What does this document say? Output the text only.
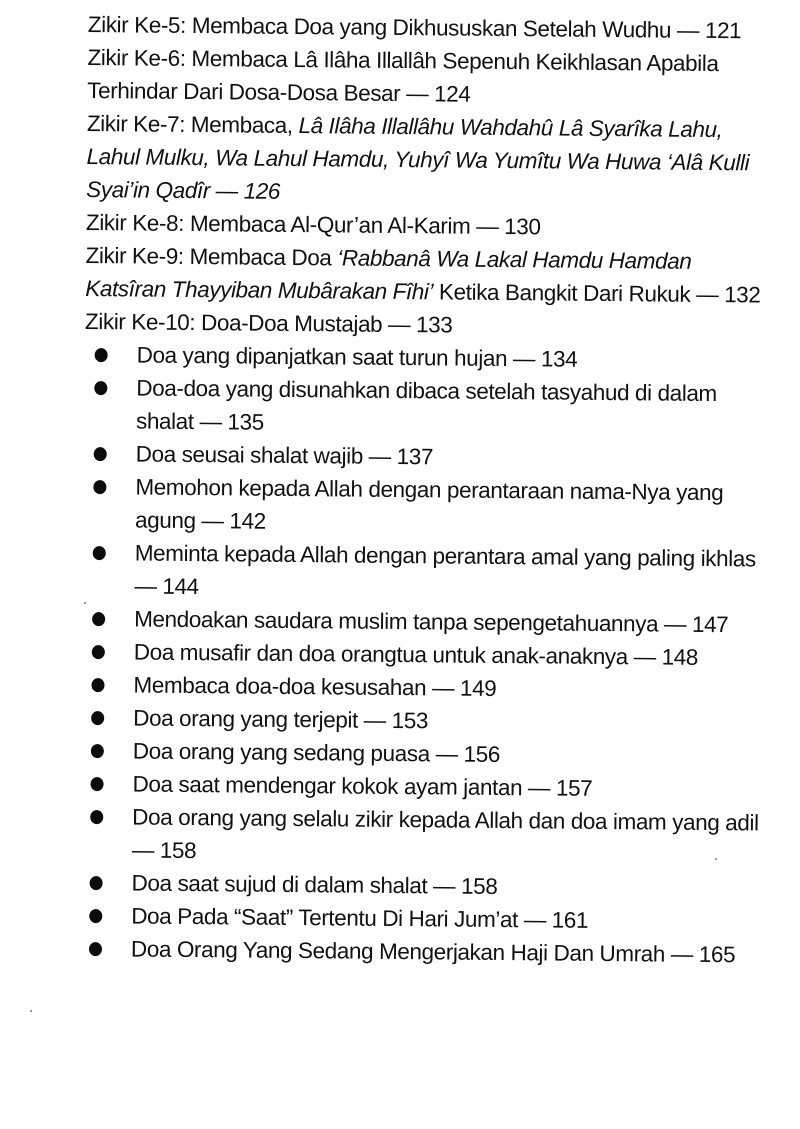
Zikir Ke-5: Membaca Doa yang Dikhususkan Setelah Wudhu — 121

Zikir Ke-6: Membaca Lâ Ilâha Illallâh Sepenuh Keikhlasan Apabila Terhindar Dari Dosa-Dosa Besar — 124

Zikir Ke-7: Membaca, Lâ Ilâha Illallâhu Wahdahû Lâ Syarîka Lahu, Lahul Mulku, Wa Lahul Hamdu, Yuhyî Wa Yumîtu Wa Huwa ‘Alâ Kulli Syai’in Qadîr — 126

Zikir Ke-8: Membaca Al-Qur’an Al-Karim — 130

Zikir Ke-9: Membaca Doa ‘Rabbanâ Wa Lakal Hamdu Hamdan Katsîran Thayyiban Mubârakan Fîhi’ Ketika Bangkit Dari Rukuk — 132

Zikir Ke-10: Doa-Doa Mustajab — 133

Doa yang dipanjatkan saat turun hujan — 134
Doa-doa yang disunahkan dibaca setelah tasyahud di dalam shalat — 135
Doa seusai shalat wajib — 137
Memohon kepada Allah dengan perantaraan nama-Nya yang agung — 142
Meminta kepada Allah dengan perantara amal yang paling ikhlas — 144
Mendoakan saudara muslim tanpa sepengetahuannya — 147
Doa musafir dan doa orangtua untuk anak-anaknya — 148
Membaca doa-doa kesusahan — 149
Doa orang yang terjepit — 153
Doa orang yang sedang puasa — 156
Doa saat mendengar kokok ayam jantan — 157
Doa orang yang selalu zikir kepada Allah dan doa imam yang adil — 158
Doa saat sujud di dalam shalat — 158
Doa Pada “Saat” Tertentu Di Hari Jum’at — 161
Doa Orang Yang Sedang Mengerjakan Haji Dan Umrah — 165
